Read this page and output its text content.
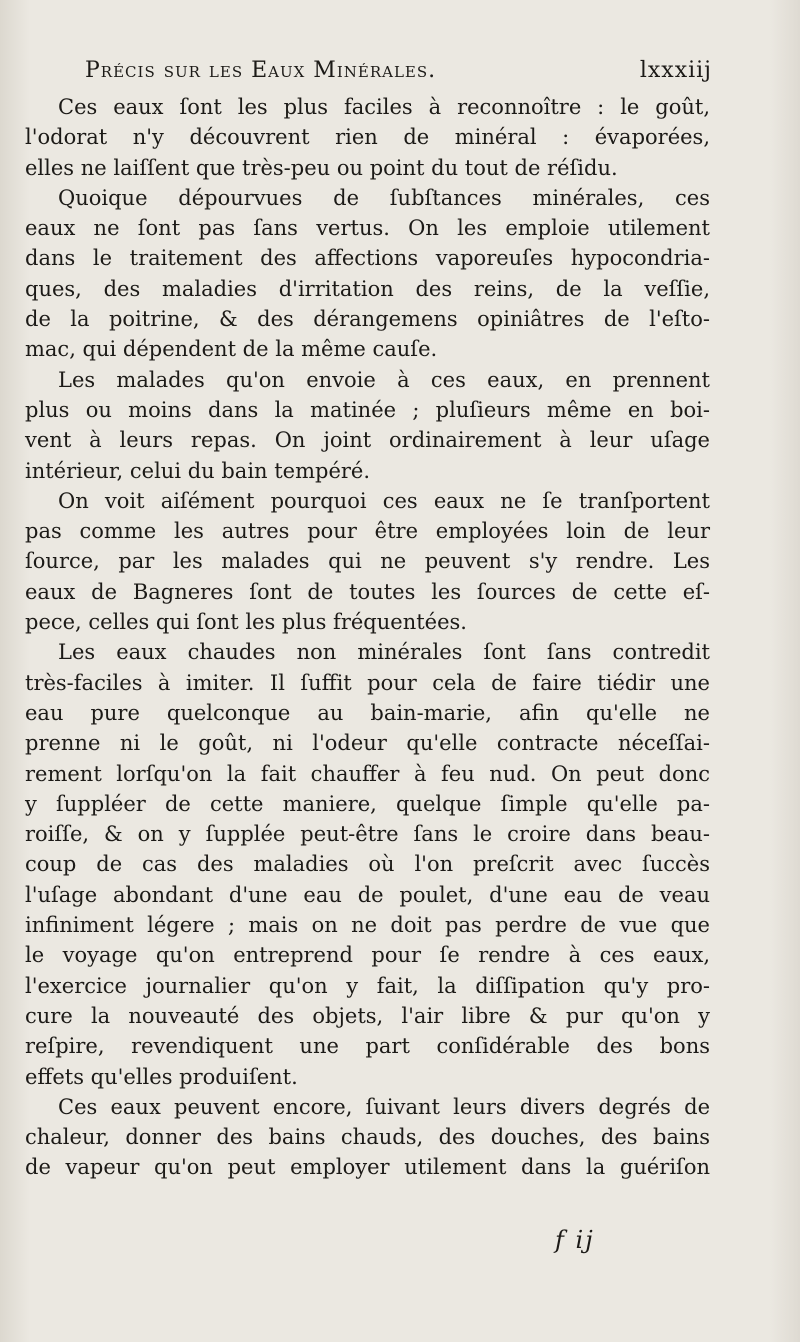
Précis sur les Eaux Minérales.	lxxxiij
Ces eaux ſont les plus faciles à reconnoître : le goût,
l'odorat n'y découvrent rien de minéral : évaporées,
elles ne laiſſent que très-peu ou point du tout de réſidu.
Quoique dépourvues de ſubſtances minérales, ces
eaux ne ſont pas ſans vertus. On les emploie utilement
dans le traitement des affections vaporeuſes hypocondria-
ques, des maladies d'irritation des reins, de la veſſie,
de la poitrine, & des dérangemens opiniâtres de l'eſto-
mac, qui dépendent de la même cauſe.
Les malades qu'on envoie à ces eaux, en prennent
plus ou moins dans la matinée ; pluſieurs même en boi-
vent à leurs repas. On joint ordinairement à leur uſage
intérieur, celui du bain tempéré.
On voit aiſément pourquoi ces eaux ne ſe tranſportent
pas comme les autres pour être employées loin de leur
ſource, par les malades qui ne peuvent s'y rendre. Les
eaux de Bagneres ſont de toutes les ſources de cette eſ-
pece, celles qui ſont les plus fréquentées.
Les eaux chaudes non minérales ſont ſans contredit
très-faciles à imiter. Il ſuffit pour cela de faire tiédir une
eau pure quelconque au bain-marie, afin qu'elle ne
prenne ni le goût, ni l'odeur qu'elle contracte néceſſai-
rement lorſqu'on la fait chauffer à feu nud. On peut donc
y ſuppléer de cette maniere, quelque ſimple qu'elle pa-
roiſſe, & on y ſupplée peut-être ſans le croire dans beau-
coup de cas des maladies où l'on preſcrit avec ſuccès
l'uſage abondant d'une eau de poulet, d'une eau de veau
infiniment légere ; mais on ne doit pas perdre de vue que
le voyage qu'on entreprend pour ſe rendre à ces eaux,
l'exercice journalier qu'on y fait, la diſſipation qu'y pro-
cure la nouveauté des objets, l'air libre & pur qu'on y
reſpire, revendiquent une part conſidérable des bons
effets qu'elles produiſent.
Ces eaux peuvent encore, ſuivant leurs divers degrés de
chaleur, donner des bains chauds, des douches, des bains
de vapeur qu'on peut employer utilement dans la guériſon
f ij
